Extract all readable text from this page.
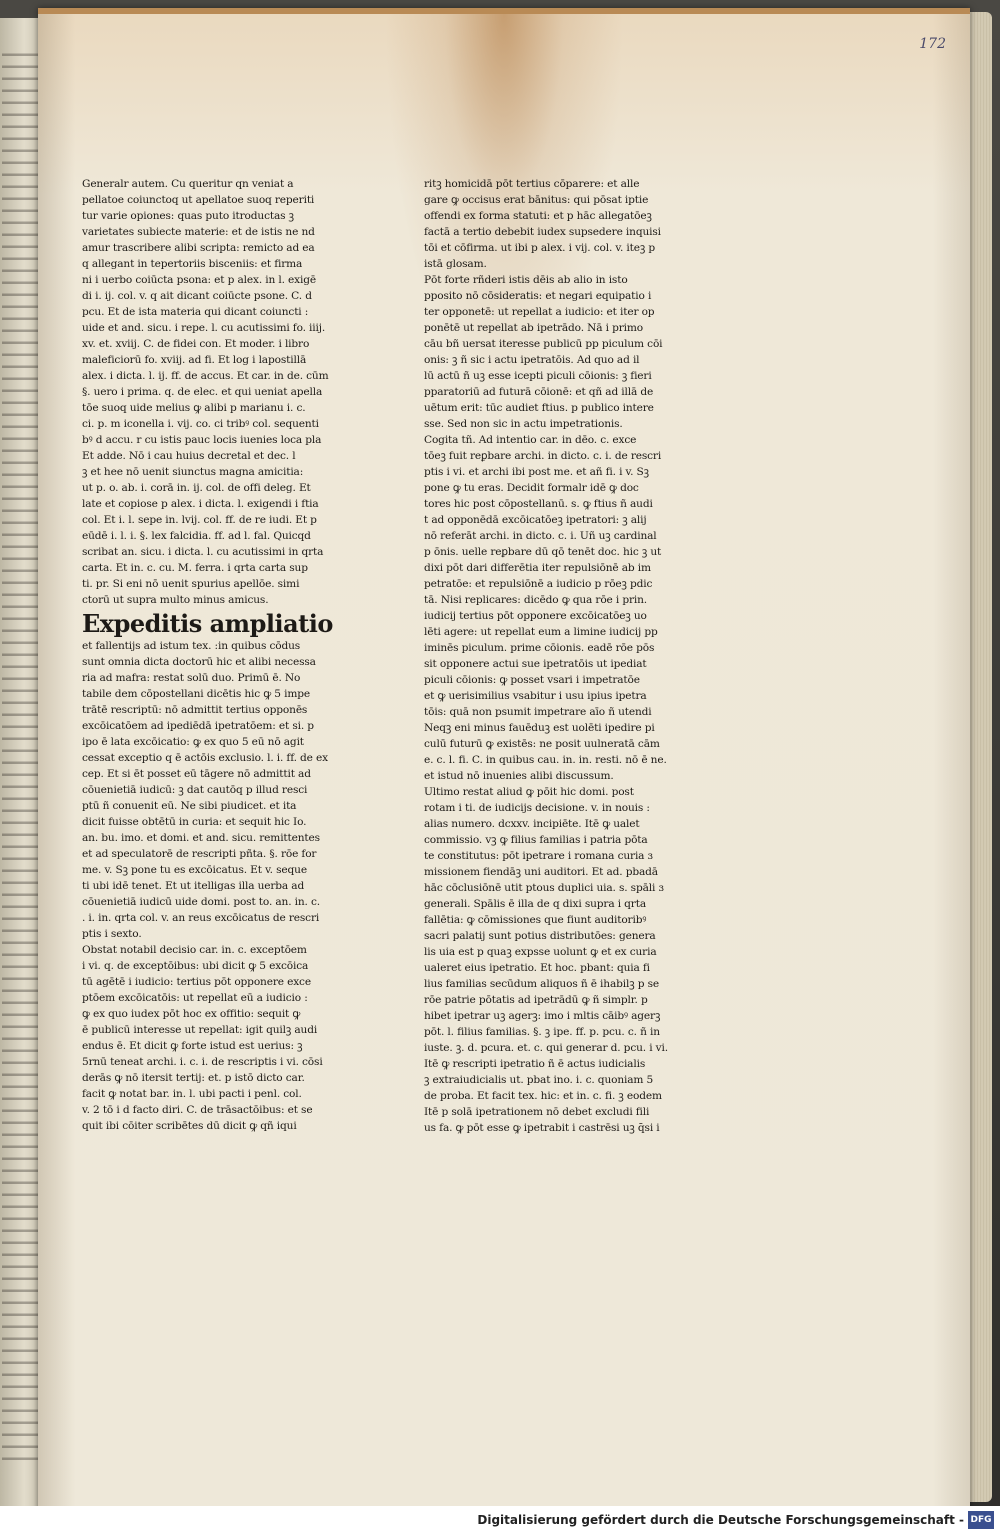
172
Generalr autem. Cu queritur qn veniat a
pellatoe coiunctoq ut apellatoe suoq reperiti
tur varie opiones: quas puto itroductas ꝫ
varietates subiecte materie: et de istis ne nd
amur trascribere alibi scripta: remicto ad ea
q allegant in tepertoriis bisceniis: et firma
ni i uerbo coiūcta psona: et p alex. in l. exigē
di i. ij. col. v. q ait dicant coiūcte psone. C. d
pcu. Et de ista materia qui dicant coiuncti :
uide et and. sicu. i repe. l. cu acutissimi fo. iiij.
xv. et. xviij. C. de fidei con. Et moder. i libro
maleficiorū fo. xviij. ad fi. Et log i lapostillā
alex. i dicta. l. ij. ff. de accus. Et car. in de. cūm
§. uero i prima. q. de elec. et qui ueniat apella
tōe suoq uide melius ꝙ alibi p marianu i. c.
ci. p. m iconella i. vij. co. ci tribꝰ col. sequenti
bꝰ d accu. r cu istis pauc locis iuenies loca pla
Et adde. Nō i cau huius decretal et dec. l
ꝫ et hee nō uenit siunctus magna amicitia:
ut p. o. ab. i. corā in. ij. col. de offi deleg. Et
late et copiose p alex. i dicta. l. exigendi i ftia
col. Et i. l. sepe in. lvij. col. ff. de re iudi. Et p
eūdē i. l. i. §. lex falcidia. ff. ad l. fal. Quicqd
scribat an. sicu. i dicta. l. cu acutissimi in qrta
carta. Et in. c. cu. M. ferra. i qrta carta sup
ti. pr. Si eni nō uenit spurius apellōe. simi
ctorū ut supra multo minus amicus.
Expeditis ampliatio
et fallentijs ad istum tex. :in quibus cōdus
sunt omnia dicta doctorū hic et alibi necessa
ria ad mafra: restat solū duo. Primū ē. No
tabile dem cōpostellani dicētis hic ꝙ 5 impe
trātē rescriptū: nō admittit tertius opponēs
excōicatōem ad ipediēdā ipetratōem: et si. p
ipo ē lata excōicatio: ꝙ ex quo 5 eū nō agit
cessat exceptio q ē actōis exclusio. l. i. ff. de ex
cep. Et si ēt posset eū tāgere nō admittit ad
cōuenietiā iudicū: ꝫ dat cautōq p illud resci
ptū ñ conuenit eū. Ne sibi piudicet. et ita
dicit fuisse obtētū in curia: et sequit hic Io.
an. bu. imo. et domi. et and. sicu. remittentes
et ad speculatorē de rescripti pñta. §. rōe for
me. v. Sꝫ pone tu es excōicatus. Et v. seque
ti ubi idē tenet. Et ut itelligas illa uerba ad
cōuenietiā iudicū uide domi. post to. an. in. c.
. i. in. qrta col. v. an reus excōicatus de rescri
ptis i sexto.
Obstat notabil decisio car. in. c. exceptōem
i vi. q. de exceptōibus: ubi dicit ꝙ 5 excōica
tū agētē i iudicio: tertius pōt opponere exce
ptōem excōicatōis: ut repellat eū a iudicio :
ꝙ ex quo iudex pōt hoc ex offitio: sequit ꝙ
ē publicū interesse ut repellat: igit quilꝫ audi
endus ē. Et dicit ꝙ forte istud est uerius: ꝫ
5rnū teneat archi. i. c. i. de rescriptis i vi. cōsi
derās ꝙ nō itersit tertij: et. p istō dicto car.
facit ꝙ notat bar. in. l. ubi pacti i penl. col.
v. 2 tō i d facto diri. C. de trāsactōibus: et se
quit ibi cōiter scribētes dū dicit ꝙ qñ iqui
ritꝫ homicidā pōt tertius cōparere: et alle
gare ꝙ occisus erat bānitus: qui pōsat iptie
offendi ex forma statuti: et p hāc allegatōeꝫ
factā a tertio debebit iudex supsedere inquisi
tōi et cōfirma. ut ibi p alex. i vij. col. v. iteꝫ p
istā glosam.
Pōt forte rñderi istis dēis ab alio in isto
pposito nō cōsideratis: et negari equipatio i
ter opponetē: ut repellat a iudicio: et iter op
ponētē ut repellat ab ipetrādo. Nā i primo
cāu bñ uersat iteresse publicū pp piculum cōi
onis: ꝫ ñ sic i actu ipetratōis. Ad quo ad il
lū actū ñ uꝫ esse icepti piculi cōionis: ꝫ fieri
pparatoriū ad futurā cōionē: et qñ ad illā de
uētum erit: tūc audiet ftius. p publico intere
sse. Sed non sic in actu impetrationis.
Cogita tñ. Ad intentio car. in dēo. c. exce
tōeꝫ fuit reꝑbare archi. in dicto. c. i. de rescri
ptis i vi. et archi ibi post me. et añ fi. i v. Sꝫ
pone ꝙ tu eras. Decidit formalr idē ꝙ doc
tores hic post cōpostellanū. s. ꝙ ftius ñ audi
t ad opponēdā excōicatōeꝫ ipetratori: ꝫ alij
nō referāt archi. in dicto. c. i. Uñ uꝫ cardinal
p ōnis. uelle reꝑbare dū qō tenēt doc. hic ꝫ ut
dixi pōt dari differētia iter repulsiōnē ab im
petratōe: et repulsiōnē a iudicio p rōeꝫ pdic
tā. Nisi replicares: dicēdo ꝙ qua rōe i prin.
iudicij tertius pōt opponere excōicatōeꝫ uo
lēti agere: ut repellat eum a limine iudicij pp
iminēs piculum. prime cōionis. eadē rōe pōs
sit opponere actui sue ipetratōis ut ipediat
piculi cōionis: ꝙ posset vsari i impetratōe
et ꝙ uerisimilius vsabitur i usu ipius ipetra
tōis: quā non psumit impetrare aīo ñ utendi
Neqꝫ eni minus fauēduꝫ est uolēti ipedire pi
culū futurū ꝙ existēs: ne posit uulneratā cām
e. c. l. fi. C. in quibus cau. in. in. resti. nō ē ne.
et istud nō inuenies alibi discussum.
Ultimo restat aliud ꝙ pōit hic domi. post
rotam i ti. de iudicijs decisione. v. in nouis :
alias numero. dcxxv. incipiēte. Itē ꝙ ualet
commissio. vꝫ ꝙ filius familias i patria pōta
te constitutus: pōt ipetrare i romana curia ɜ
missionem fiendāꝫ uni auditori. Et ad. pbadā
hāc cōclusiōnē utit ptous duplici uia. s. spāli ɜ
generali. Spālis ē illa de q dixi supra i qrta
fallētia: ꝙ cōmissiones que fiunt auditoribꝰ
sacri palatij sunt potius distributōes: genera
lis uia est p quaꝫ expsse uolunt ꝙ et ex curia
ualeret eius ipetratio. Et hoc. pbant: quia fi
lius familias secūdum aliquos ñ ē ihabilꝫ p se
rōe patrie pōtatis ad ipetrādū ꝙ ñ simplr. p
hibet ipetrar uꝫ agerꝫ: imo i mltis cāibꝰ agerꝫ
pōt. l. filius familias. §. ꝫ ipe. ff. p. pcu. c. ñ in
iuste. ꝫ. d. pcura. et. c. qui generar d. pcu. i vi.
Itē ꝙ rescripti ipetratio ñ ē actus iudicialis
ꝫ extraiudicialis ut. pbat ino. i. c. quoniam 5
de proba. Et facit tex. hic: et in. c. fi. ꝫ eodem
Itē p solā ipetrationem nō debet excludi fili
us fa. ꝙ pōt esse ꝙ ipetrabit i castrēsi uꝫ q̄si i
Digitalisierung gefördert durch die Deutsche Forschungsgemeinschaft - DFG
